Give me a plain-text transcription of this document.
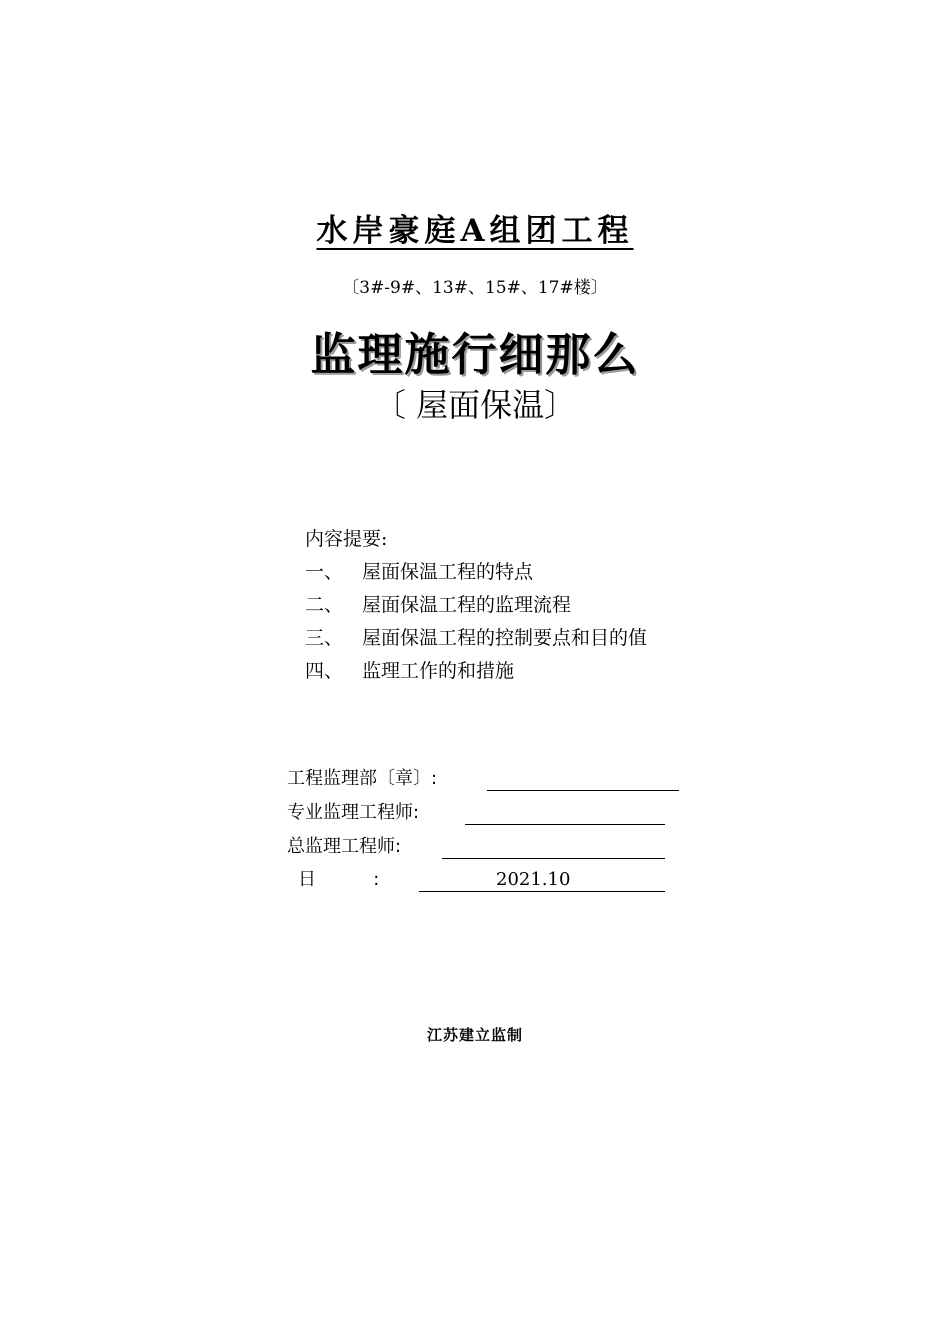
水岸豪庭A组团工程
〔3#-9#、13#、15#、17#楼〕
监理施行细那么
〔 屋面保温〕
内容提要:
一、 屋面保温工程的特点
二、 屋面保温工程的监理流程
三、 屋面保温工程的控制要点和目的值
四、 监理工作的和措施
工程监理部〔章〕:
专业监理工程师:
总监理工程师:
日          :	2021.10
江苏建立监制
